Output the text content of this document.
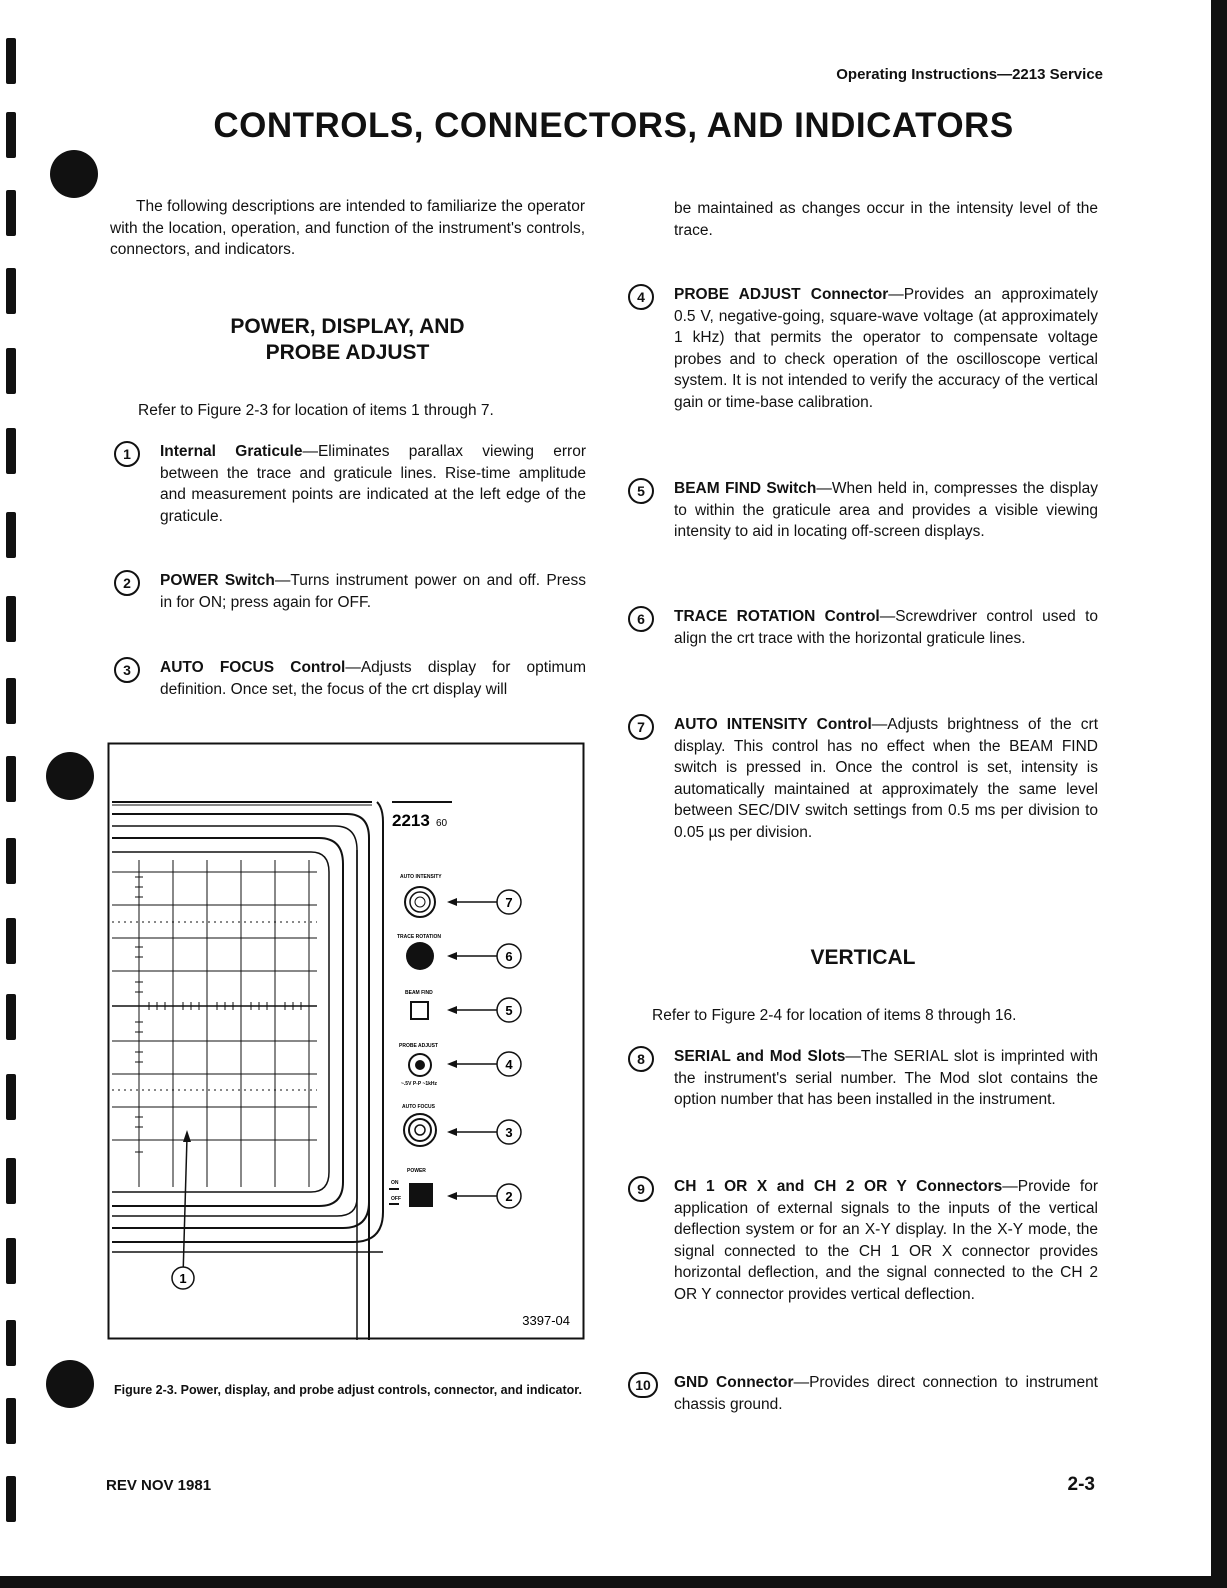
Operating Instructions—2213 Service
CONTROLS, CONNECTORS, AND INDICATORS
The following descriptions are intended to familiarize the operator with the location, operation, and function of the instrument's controls, connectors, and indicators.
POWER, DISPLAY, AND
PROBE ADJUST
Refer to Figure 2-3 for location of items 1 through 7.
1	Internal Graticule—Eliminates parallax viewing error between the trace and graticule lines. Rise-time amplitude and measurement points are indicated at the left edge of the graticule.
2	POWER Switch—Turns instrument power on and off. Press in for ON; press again for OFF.
3	AUTO FOCUS Control—Adjusts display for optimum definition. Once set, the focus of the crt display will
1
2213 60
AUTO INTENSITY
TRACE ROTATION
BEAM FIND
PROBE ADJUST
~.5V P-P ~1kHz
AUTO FOCUS
POWER
ON
OFF
7
6
5
4
3
2
3397-04
Figure 2-3. Power, display, and probe adjust controls, connector, and indicator.
be maintained as changes occur in the intensity level of the trace.
4	PROBE ADJUST Connector—Provides an approximately 0.5 V, negative-going, square-wave voltage (at approximately 1 kHz) that permits the operator to compensate voltage probes and to check operation of the oscilloscope vertical system. It is not intended to verify the accuracy of the vertical gain or time-base calibration.
5	BEAM FIND Switch—When held in, compresses the display to within the graticule area and provides a visible viewing intensity to aid in locating off-screen displays.
6	TRACE ROTATION Control—Screwdriver control used to align the crt trace with the horizontal graticule lines.
7	AUTO INTENSITY Control—Adjusts brightness of the crt display. This control has no effect when the BEAM FIND switch is pressed in. Once the control is set, intensity is automatically maintained at approximately the same level between SEC/DIV switch settings from 0.5 ms per division to 0.05 µs per division.
VERTICAL
Refer to Figure 2-4 for location of items 8 through 16.
8	SERIAL and Mod Slots—The SERIAL slot is imprinted with the instrument's serial number. The Mod slot contains the option number that has been installed in the instrument.
9	CH 1 OR X and CH 2 OR Y Connectors—Provide for application of external signals to the inputs of the vertical deflection system or for an X-Y display. In the X-Y mode, the signal connected to the CH 1 OR X connector provides horizontal deflection, and the signal connected to the CH 2 OR Y connector provides vertical deflection.
10	GND Connector—Provides direct connection to instrument chassis ground.
REV NOV 1981	2-3
